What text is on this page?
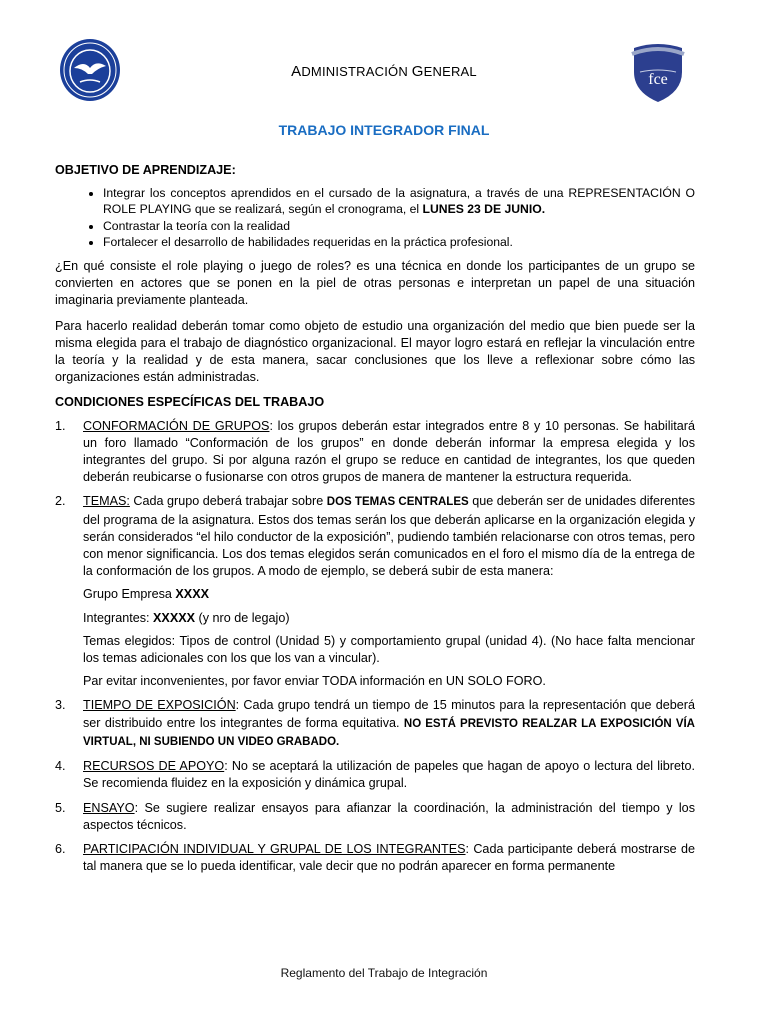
ADMINISTRACIÓN GENERAL	fce
TRABAJO INTEGRADOR FINAL
OBJETIVO DE APRENDIZAJE:
• Integrar los conceptos aprendidos en el cursado de la asignatura, a través de una REPRESENTACIÓN O ROLE PLAYING que se realizará, según el cronograma, el LUNES 23 DE JUNIO.
• Contrastar la teoría con la realidad
• Fortalecer el desarrollo de habilidades requeridas en la práctica profesional.

¿En qué consiste el role playing o juego de roles? es una técnica en donde los participantes de un grupo se convierten en actores que se ponen en la piel de otras personas e interpretan un papel de una situación imaginaria previamente planteada.

Para hacerlo realidad deberán tomar como objeto de estudio una organización del medio que bien puede ser la misma elegida para el trabajo de diagnóstico organizacional. El mayor logro estará en reflejar la vinculación entre la teoría y la realidad y de esta manera, sacar conclusiones que los lleve a reflexionar sobre cómo las organizaciones están administradas.

CONDICIONES ESPECÍFICAS DEL TRABAJO
1. CONFORMACIÓN DE GRUPOS: los grupos deberán estar integrados entre 8 y 10 personas. Se habilitará un foro llamado “Conformación de los grupos” en donde deberán informar la empresa elegida y los integrantes del grupo. Si por alguna razón el grupo se reduce en cantidad de integrantes, los que queden deberán reubicarse o fusionarse con otros grupos de manera de mantener la estructura requerida.
2. TEMAS: Cada grupo deberá trabajar sobre DOS TEMAS CENTRALES que deberán ser de unidades diferentes del programa de la asignatura. Estos dos temas serán los que deberán aplicarse en la organización elegida y serán considerados “el hilo conductor de la exposición”, pudiendo también relacionarse con otros temas, pero con menor significancia. Los dos temas elegidos serán comunicados en el foro el mismo día de la entrega de la conformación de los grupos. A modo de ejemplo, se deberá subir de esta manera:
Grupo Empresa XXXX
Integrantes: XXXXX (y nro de legajo)
Temas elegidos: Tipos de control (Unidad 5) y comportamiento grupal (unidad 4). (No hace falta mencionar los temas adicionales con los que los van a vincular).
Par evitar inconvenientes, por favor enviar TODA información en UN SOLO FORO.
3. TIEMPO DE EXPOSICIÓN: Cada grupo tendrá un tiempo de 15 minutos para la representación que deberá ser distribuido entre los integrantes de forma equitativa. NO ESTÁ PREVISTO REALZAR LA EXPOSICIÓN VÍA VIRTUAL, NI SUBIENDO UN VIDEO GRABADO.
4. RECURSOS DE APOYO: No se aceptará la utilización de papeles que hagan de apoyo o lectura del libreto. Se recomienda fluidez en la exposición y dinámica grupal.
5. ENSAYO: Se sugiere realizar ensayos para afianzar la coordinación, la administración del tiempo y los aspectos técnicos.
6. PARTICIPACIÓN INDIVIDUAL Y GRUPAL DE LOS INTEGRANTES: Cada participante deberá mostrarse de tal manera que se lo pueda identificar, vale decir que no podrán aparecer en forma permanente
Reglamento del Trabajo de Integración
